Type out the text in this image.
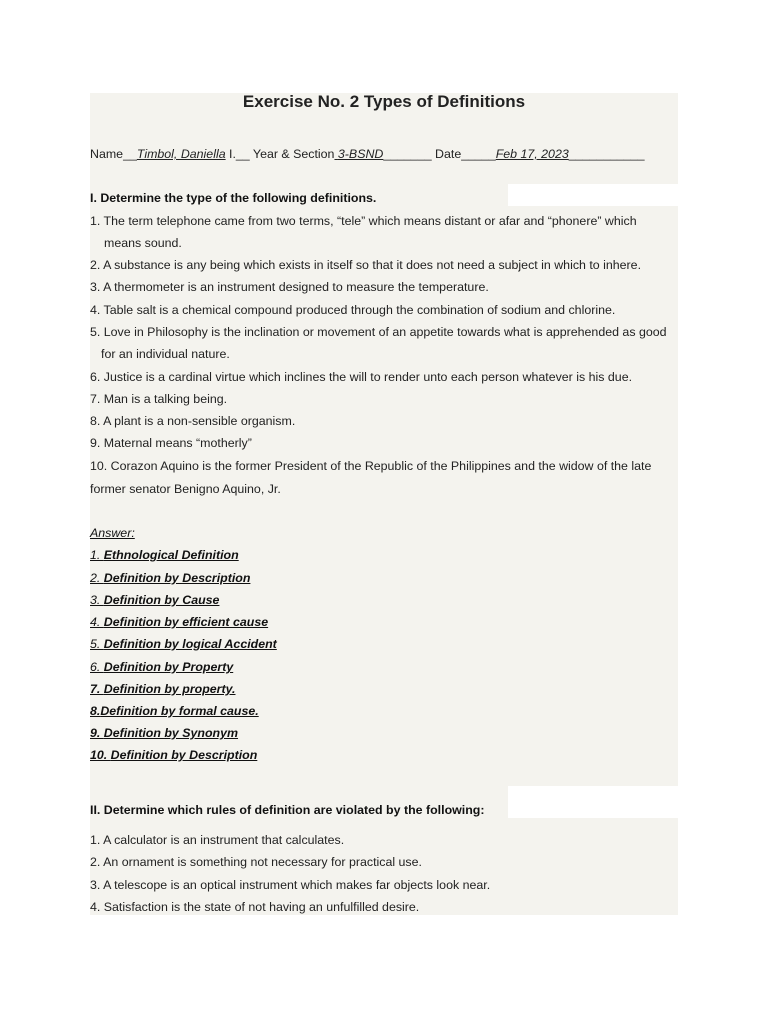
Exercise No. 2 Types of Definitions
Name__Timbol, Daniella I.__ Year & Section 3-BSND_______ Date_____Feb 17, 2023___________
I. Determine the type of the following definitions.
1. The term telephone came from two terms, “tele” which means distant or afar and “phonere” which
means sound.
2. A substance is any being which exists in itself so that it does not need a subject in which to inhere.
3. A thermometer is an instrument designed to measure the temperature.
4. Table salt is a chemical compound produced through the combination of sodium and chlorine.
5. Love in Philosophy is the inclination or movement of an appetite towards what is apprehended as good
for an individual nature.
6. Justice is a cardinal virtue which inclines the will to render unto each person whatever is his due.
7. Man is a talking being.
8. A plant is a non-sensible organism.
9. Maternal means “motherly”
10. Corazon Aquino is the former President of the Republic of the Philippines and the widow of the late
former senator Benigno Aquino, Jr.
Answer:
1. Ethnological Definition
2. Definition by Description
3. Definition by Cause
4. Definition by efficient cause
5. Definition by logical Accident
6. Definition by Property
7. Definition by property.
8.Definition by formal cause.
9. Definition by Synonym
10. Definition by Description
II. Determine which rules of definition are violated by the following:
1. A calculator is an instrument that calculates.
2. An ornament is something not necessary for practical use.
3. A telescope is an optical instrument which makes far objects look near.
4. Satisfaction is the state of not having an unfulfilled desire.
